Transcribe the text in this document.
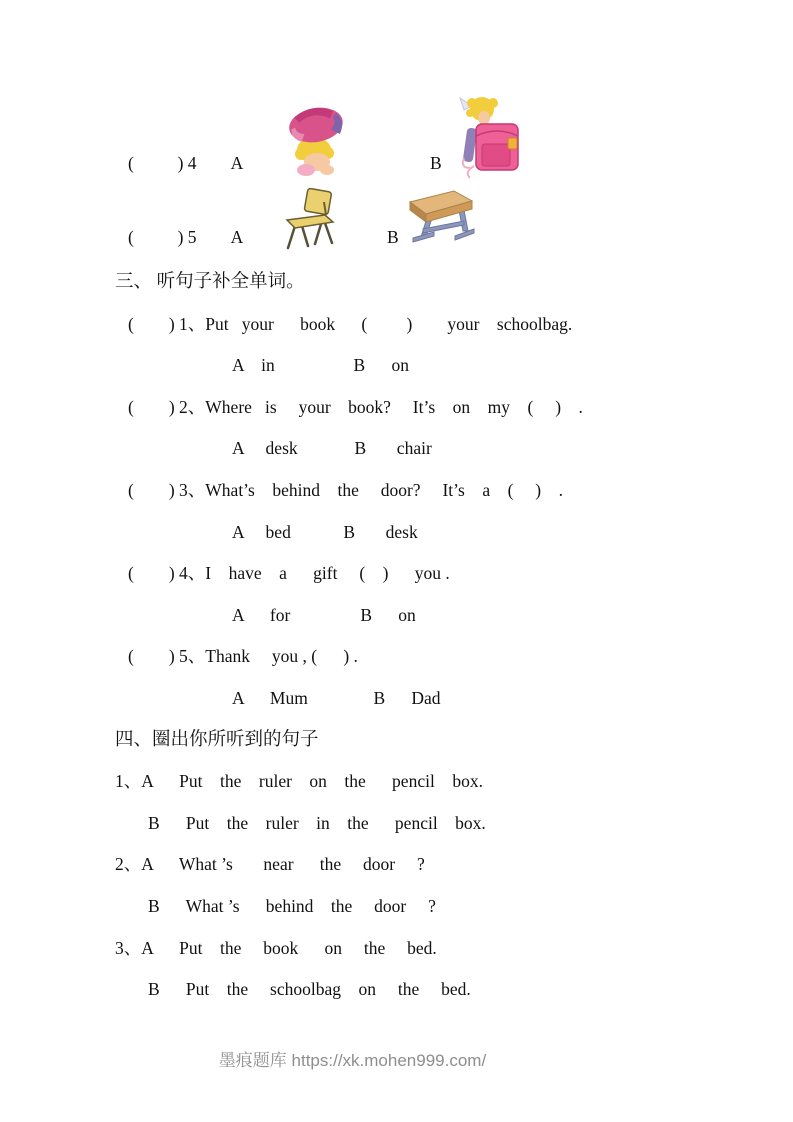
(          ) 4        A	B
(          ) 5        A	B
三、 听句子补全单词。
(        ) 1、Put   your      book      (         )        your    schoolbag.
A    in                  B      on
(        ) 2、Where   is     your    book?     It’s    on    my    (     )    .
A     desk             B       chair
(        ) 3、What’s    behind    the     door?     It’s    a    (     )    .
A     bed            B       desk
(        ) 4、I    have    a      gift     (    )      you .
A      for                B      on
(        ) 5、Thank     you , (      ) .
A      Mum               B      Dad
四、圈出你所听到的句子
1、A      Put    the    ruler    on    the      pencil    box.
B      Put    the    ruler    in    the      pencil    box.
2、A      What ’s       near      the     door     ?
B      What ’s      behind    the     door     ?
3、A      Put    the     book      on     the     bed.
B      Put    the     schoolbag    on     the     bed.
墨痕题库 https://xk.mohen999.com/
